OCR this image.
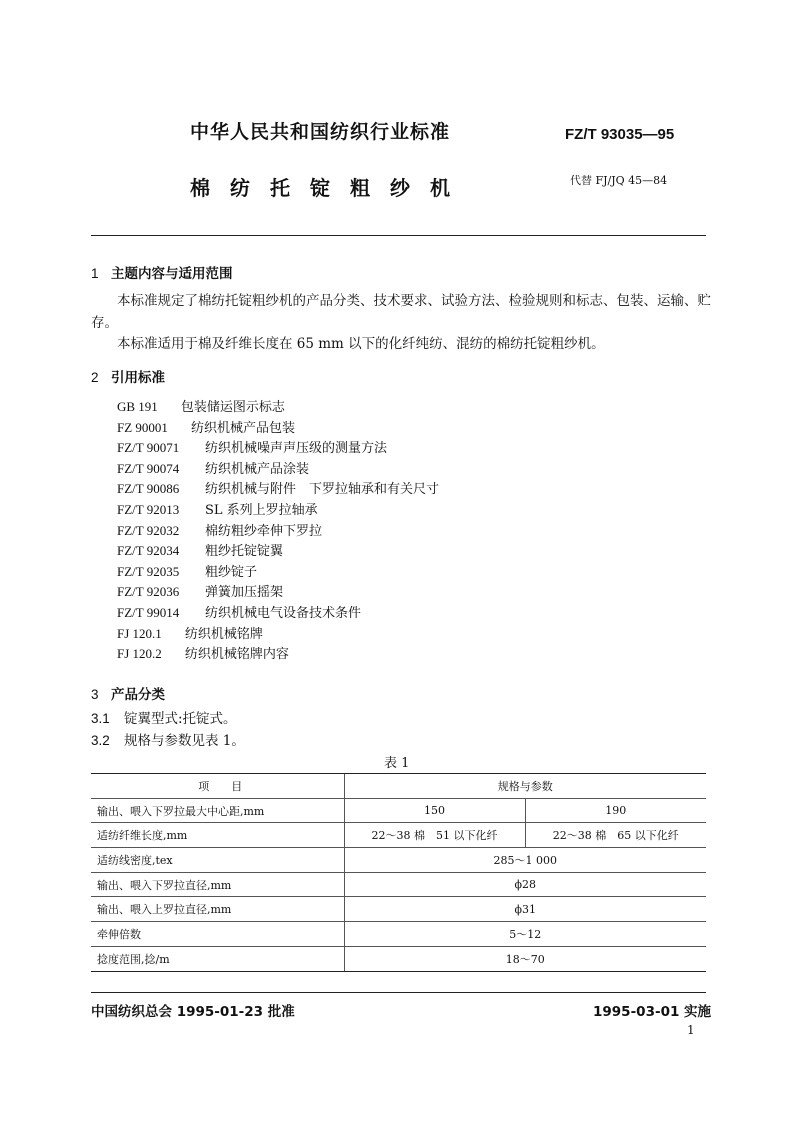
中华人民共和国纺织行业标准	FZ/T 93035—95
棉纺托锭粗纱机	代替 FJ/JQ 45—84
1 主题内容与适用范围
本标准规定了棉纺托锭粗纱机的产品分类、技术要求、试验方法、检验规则和标志、包装、运输、贮
存。
本标准适用于棉及纤维长度在 65 mm 以下的化纤纯纺、混纺的棉纺托锭粗纱机。
2 引用标准
GB 191　 包装储运图示标志
FZ 90001　 纺织机械产品包装
FZ/T 90071 纺织机械噪声声压级的测量方法
FZ/T 90074 纺织机械产品涂装
FZ/T 90086 纺织机械与附件　下罗拉轴承和有关尺寸
FZ/T 92013 SL 系列上罗拉轴承
FZ/T 92032 棉纺粗纱牵伸下罗拉
FZ/T 92034 粗纱托锭锭翼
FZ/T 92035 粗纱锭子
FZ/T 92036 弹簧加压摇架
FZ/T 99014 纺织机械电气设备技术条件
FJ 120.1　 纺织机械铭牌
FJ 120.2　 纺织机械铭牌内容
3 产品分类
3.1 锭翼型式:托锭式。
3.2 规格与参数见表 1。
表 1
项　　目	规格与参数	
输出、喂入下罗拉最大中心距,mm	150	190
适纺纤维长度,mm	22～38 棉　51 以下化纤	22～38 棉　65 以下化纤
适纺线密度,tex	285～1 000	
输出、喂入下罗拉直径,mm	ϕ28	
输出、喂入上罗拉直径,mm	ϕ31	
牵伸倍数	5～12	
捻度范围,捻/m	18～70	
中国纺织总会 1995-01-23 批准	1995-03-01 实施
1
